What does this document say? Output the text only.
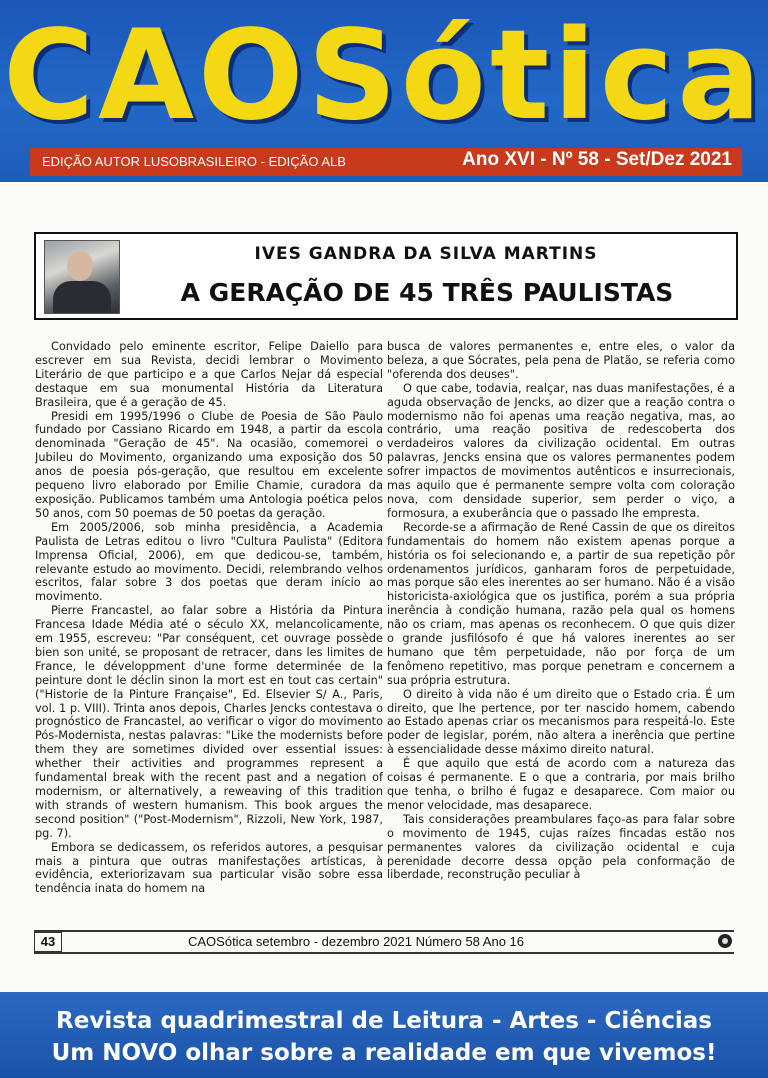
CAOSótica
EDIÇÃO AUTOR LUSOBRASILEIRO - EDIÇÃO ALB	Ano XVI - Nº 58 - Set/Dez 2021
IVES GANDRA DA SILVA MARTINS
A GERAÇÃO DE 45 TRÊS PAULISTAS

Convidado pelo eminente escritor, Felipe Daiello para escrever em sua Revista, decidi lembrar o Movimento Literário de que participo e a que Carlos Nejar dá especial destaque em sua monumental História da Literatura Brasileira, que é a geração de 45.

Presidi em 1995/1996 o Clube de Poesia de São Paulo fundado por Cassiano Ricardo em 1948, a partir da escola denominada "Geração de 45". Na ocasião, comemorei o Jubileu do Movimento, organizando uma exposição dos 50 anos de poesia pós-geração, que resultou em excelente pequeno livro elaborado por Emilie Chamie, curadora da exposição. Publicamos também uma Antologia poética pelos 50 anos, com 50 poemas de 50 poetas da geração.

Em 2005/2006, sob minha presidência, a Academia Paulista de Letras editou o livro "Cultura Paulista" (Editora Imprensa Oficial, 2006), em que dedicou-se, também, relevante estudo ao movimento. Decidi, relembrando velhos escritos, falar sobre 3 dos poetas que deram início ao movimento.

Pierre Francastel, ao falar sobre a História da Pintura Francesa Idade Média até o século XX, melancolicamente, em 1955, escreveu: "Par conséquent, cet ouvrage possède bien son unité, se proposant de retracer, dans les limites de France, le développment d'une forme determinée de la peinture dont le déclin sinon la mort est en tout cas certain" ("Historie de la Pinture Française", Ed. Elsevier S/ A., Paris, vol. 1 p. VIII). Trinta anos depois, Charles Jencks contestava o prognóstico de Francastel, ao verificar o vigor do movimento Pós-Modernista, nestas palavras: "Like the modernists before them they are sometimes divided over essential issues: whether their activities and programmes represent a fundamental break with the recent past and a negation of modernism, or alternatively, a reweaving of this tradition with strands of western humanism. This book argues the second position" ("Post-Modernism", Rizzoli, New York, 1987, pg. 7).

Embora se dedicassem, os referidos autores, a pesquisar mais a pintura que outras manifestações artísticas, à evidência, exteriorizavam sua particular visão sobre essa tendência inata do homem na

busca de valores permanentes e, entre eles, o valor da beleza, a que Sócrates, pela pena de Platão, se referia como "oferenda dos deuses".

O que cabe, todavia, realçar, nas duas manifestações, é a aguda observação de Jencks, ao dizer que a reação contra o modernismo não foi apenas uma reação negativa, mas, ao contrário, uma reação positiva de redescoberta dos verdadeiros valores da civilização ocidental. Em outras palavras, Jencks ensina que os valores permanentes podem sofrer impactos de movimentos autênticos e insurrecionais, mas aquilo que é permanente sempre volta com coloração nova, com densidade superior, sem perder o viço, a formosura, a exuberância que o passado lhe empresta.

Recorde-se a afirmação de René Cassin de que os direitos fundamentais do homem não existem apenas porque a história os foi selecionando e, a partir de sua repetição pôr ordenamentos jurídicos, ganharam foros de perpetuidade, mas porque são eles inerentes ao ser humano. Não é a visão historicista-axiológica que os justifica, porém a sua própria inerência à condição humana, razão pela qual os homens não os criam, mas apenas os reconhecem. O que quis dizer o grande jusfilósofo é que há valores inerentes ao ser humano que têm perpetuidade, não por força de um fenômeno repetitivo, mas porque penetram e concernem a sua própria estrutura.

O direito à vida não é um direito que o Estado cria. É um direito, que lhe pertence, por ter nascido homem, cabendo ao Estado apenas criar os mecanismos para respeitá-lo. Este poder de legislar, porém, não altera a inerência que pertine à essencialidade desse máximo direito natural.

É que aquilo que está de acordo com a natureza das coisas é permanente. E o que a contraria, por mais brilho que tenha, o brilho é fugaz e desaparece. Com maior ou menor velocidade, mas desaparece.

Tais considerações preambulares faço-as para falar sobre o movimento de 1945, cujas raízes fincadas estão nos permanentes valores da civilização ocidental e cuja perenidade decorre dessa opção pela conformação de liberdade, reconstrução peculiar à

43	CAOSótica setembro - dezembro 2021 Número 58 Ano 16
Revista quadrimestral de Leitura - Artes - Ciências
Um NOVO olhar sobre a realidade em que vivemos!
